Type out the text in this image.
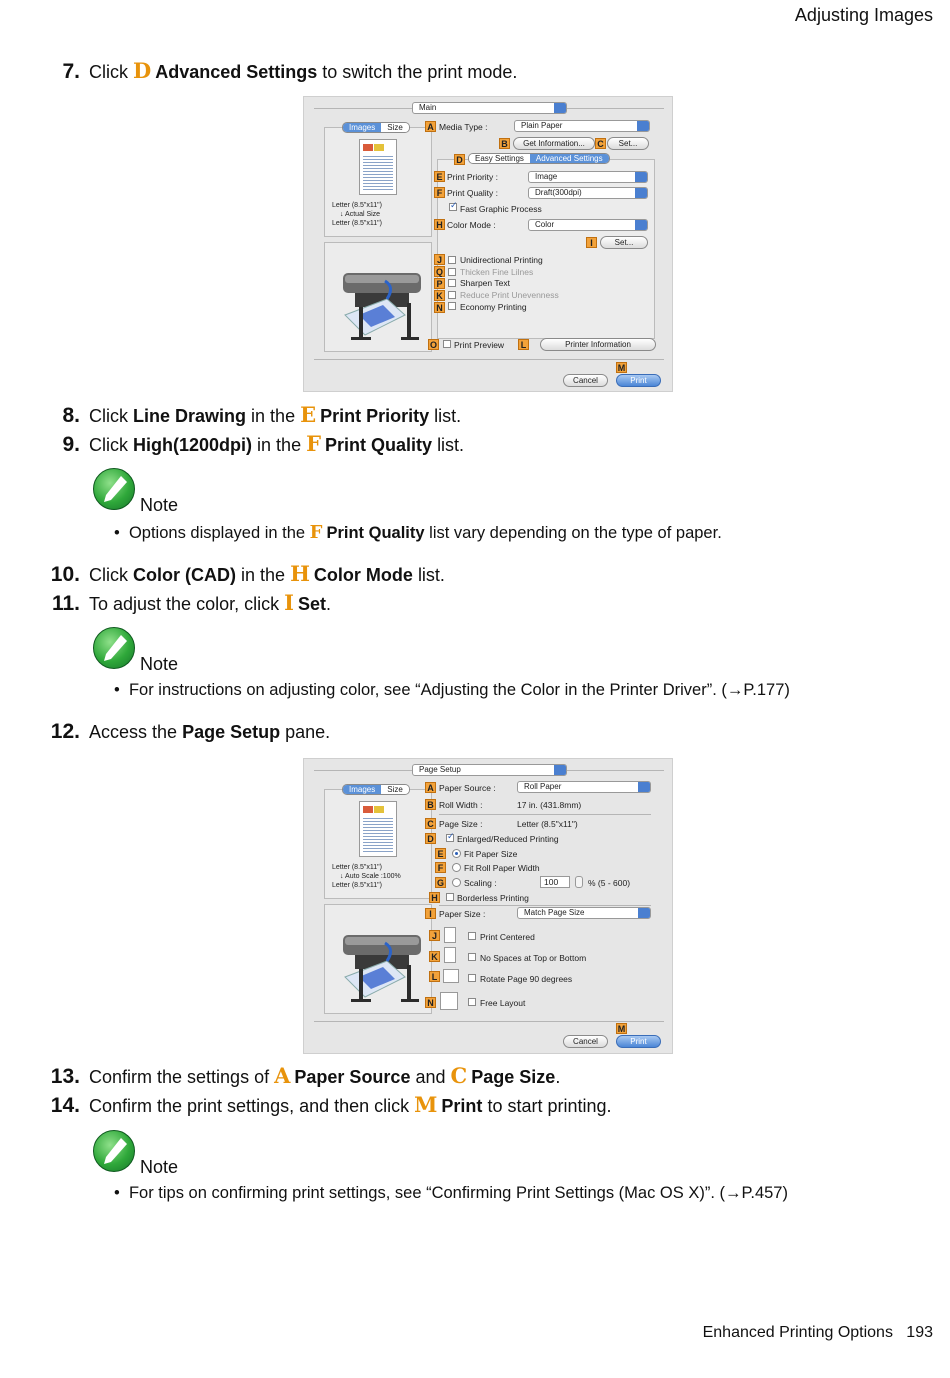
Adjusting Images
7. Click
D Advanced Settings
to switch the print mode.
Main
Images	Size
Letter (8.5"x11")
↓ Actual Size
Letter (8.5"x11")
A Media Type :	Plain Paper
B	Get Information...	C	Set...
D	Easy Settings	Advanced Settings
E Print Priority :	Image
F Print Quality :	Draft(300dpi)
✓ Fast Graphic Process
H Color Mode :	Color
I	Set...
J	Unidirectional Printing
Q Thicken Fine Lilnes
P Sharpen Text
K Reduce Print Unevenness
N Economy Printing
O Print Preview	L	Printer Information
M
Cancel	Print
8. Click
Line Drawing
in the
E Print Priority
list.
9. Click
High(1200dpi)
in the
F Print Quality
list.
Note
•  Options displayed in the F Print Quality list vary depending on the type of paper.
10. Click
Color (CAD)
in the
H Color Mode
list.
11. To adjust the color, click
I Set .
Note
•  For instructions on adjusting color, see “Adjusting the Color in the Printer Driver”. (→P.177)
12. Access the
Page Setup
pane.
Page Setup
Images	Size
Letter (8.5"x11")
↓ Auto Scale :100%
Letter (8.5"x11")
A Paper Source :	Roll Paper
B Roll Width :	17 in. (431.8mm)
C Page Size :	Letter (8.5"x11")
D ✓ Enlarged/Reduced Printing
E Fit Paper Size
F	Fit Roll Paper Width
G Scaling :	100	% (5 - 600)
H Borderless Printing
I Paper Size :	Match Page Size
J	Print Centered
K	No Spaces at Top or Bottom
L	Rotate Page 90 degrees
N	Free Layout
M
Cancel	Print
13. Confirm the settings of
A Paper Source
and
C Page Size .
14. Confirm the print settings, and then click
M Print
to start printing.
Note
•  For tips on confirming print settings, see “Confirming Print Settings (Mac OS X)”. (→P.457)
Enhanced Printing Options 193
